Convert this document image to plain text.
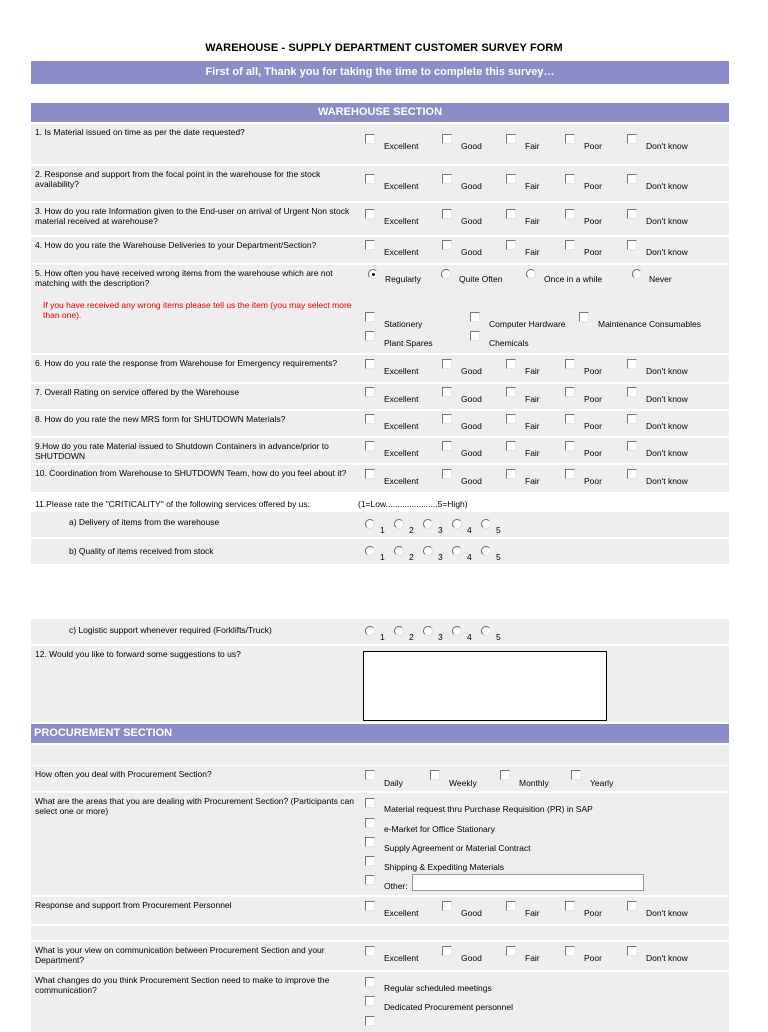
WAREHOUSE - SUPPLY DEPARTMENT CUSTOMER SURVEY FORM
First of all, Thank you for taking the time to complete this survey…
WAREHOUSE SECTION
1. Is Material issued on time as per the date requested?
Excellent	Good	Fair	Poor	Don't know
2. Response and support from the focal point in the warehouse for the stock availability?	Excellent	Good	Fair	Poor	Don't know
3. How do you rate Information given to the End-user on arrival of Urgent Non stock material received at warehouse?	Excellent	Good	Fair	Poor	Don't know
4. How do you rate the Warehouse Deliveries to your Department/Section?
Excellent	Good	Fair	Poor	Don't know
5. How often you have received wrong items from the warehouse which are not matching with the description?
If you have received any wrong items please tell us the item (you may select more than one).
Regularly	Quite Often	Once in a while	Never
Stationery	Computer Hardware	Maintenance Consumables
Plant Spares	Chemicals
6. How do you rate the response from Warehouse for Emergency requirements?
Excellent	Good	Fair	Poor	Don't know
7. Overall Rating on service offered by the Warehouse
Excellent	Good	Fair	Poor	Don't know
8. How do you rate the new MRS form for SHUTDOWN Materials?
Excellent	Good	Fair	Poor	Don't know
9.How do you rate Material issued to Shutdown Containers in advance/prior to SHUTDOWN	Excellent	Good	Fair	Poor	Don't know
10. Coordination from Warehouse to SHUTDOWN Team, how do you feel about it?
Excellent	Good	Fair	Poor	Don't know
11.Please rate the "CRITICALITY" of the following services offered by us:	(1=Low......................5=High)
a) Delivery of items from the warehouse
1	2	3	4	5
b) Quality of items received from stock
1	2	3	4	5
c) Logistic support whenever required (Forklifts/Truck)
1	2	3	4	5
12. Would you like to forward some suggestions to us?
PROCUREMENT SECTION
How often you deal with Procurement Section?
Daily	Weekly	Monthly	Yearly
What are the areas that you are dealing with Procurement Section? (Participants can select one or more)	Material request thru Purchase Requisition (PR) in SAP
e-Market for Office Stationary
Supply Agreement or Material Contract
Shipping & Expediting Materials
Other:
Response and support from Procurement Personnel
Excellent	Good	Fair	Poor	Don't know
What is your view on communication between Procurement Section and your Department?	Excellent	Good	Fair	Poor	Don't know
What changes do you think Procurement Section need to make to improve the communication?	Regular scheduled meetings
Dedicated Procurement personnel
